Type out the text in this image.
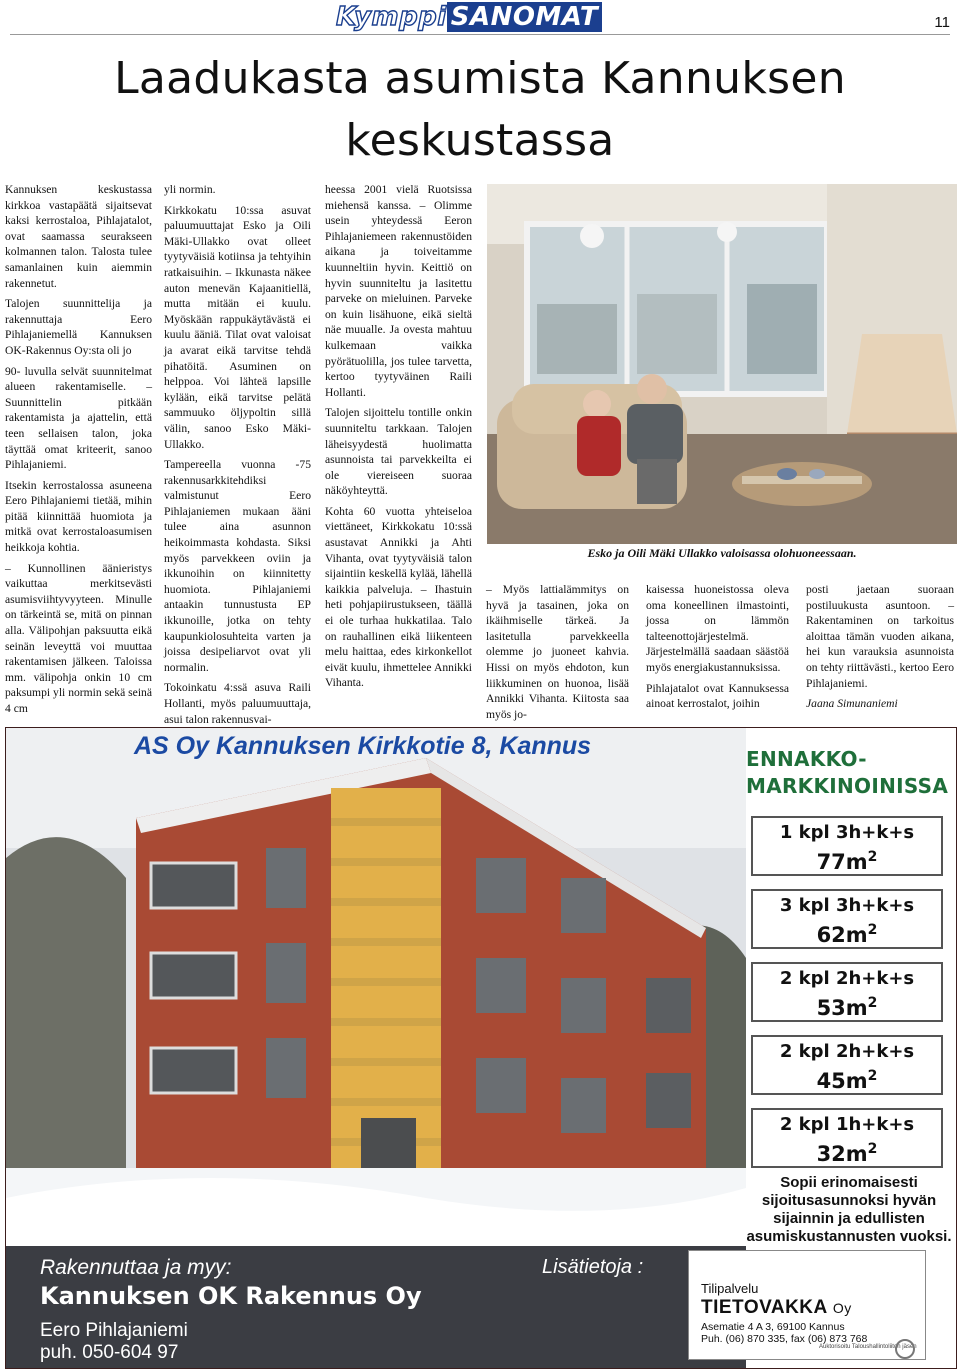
Kymppi SANOMAT	11
Laadukasta asumista Kannuksen keskustassa

Kannuksen keskustassa kirkkoa vastapäätä sijaitsevat kaksi kerrostaloa, Pihlajatalot, ovat saamassa seurakseen kolmannen talon. Talosta tulee samanlainen kuin aiemmin rakennetut.

Talojen suunnittelija ja rakennuttaja Eero Pihlajaniemellä Kannuksen OK-Rakennus Oy:sta oli jo

90- luvulla selvät suunnitelmat alueen rakentamiselle. – Suunnittelin pitkään rakentamista ja ajattelin, että teen sellaisen talon, joka täyttää omat kriteerit, sanoo Pihlajaniemi.

Itsekin kerrostalossa asuneena Eero Pihlajaniemi tietää, mihin pitää kiinnittää huomiota ja mitkä ovat kerrostaloasumisen heikkoja kohtia.

– Kunnollinen äänieristys vaikuttaa merkitsevästi asumisviihtyvyyteen. Minulle on tärkeintä se, mitä on pinnan alla. Välipohjan paksuutta eikä seinän leveyttä voi muuttaa rakentamisen jälkeen. Taloissa mm. välipohja onkin 10 cm paksumpi yli normin sekä seinä 4 cm

yli normin.

Kirkkokatu 10:ssa asuvat paluumuuttajat Esko ja Oili Mäki-Ullakko ovat olleet tyytyväisiä kotiinsa ja tehtyihin ratkaisuihin. – Ikkunasta näkee auton menevän Kajaanitiellä, mutta mitään ei kuulu. Myöskään rappukäytävästä ei kuulu ääniä. Tilat ovat valoisat ja avarat eikä tarvitse tehdä pihatöitä. Asuminen on helppoa. Voi lähteä lapsille kylään, eikä tarvitse pelätä sammuuko öljypoltin sillä välin, sanoo Esko Mäki-Ullakko.

Tampereella vuonna -75 rakennusarkkitehdiksi valmistunut Eero Pihlajaniemen mukaan ääni tulee aina asunnon heikoimmasta kohdasta. Siksi myös parvekkeen oviin ja ikkunoihin on kiinnitetty huomiota. Pihlajaniemi antaakin tunnustusta EP ikkunoille, jotka on tehty kaupunkiolosuhteita varten ja joissa desipeliarvot ovat yli normalin.

Tokoinkatu 4:ssä asuva Raili Hollanti, myös paluumuuttaja, asui talon rakennusvai-

heessa 2001 vielä Ruotsissa miehensä kanssa. – Olimme usein yhteydessä Eeron Pihlajaniemeen rakennustöiden aikana ja toiveitamme kuunneltiin hyvin. Keittiö on hyvin suunniteltu ja lasitettu parveke on mieluinen. Parveke on kuin lisähuone, eikä sieltä näe muualle. Ja ovesta mahtuu kulkemaan vaikka pyörätuolilla, jos tulee tarvetta, kertoo tyytyväinen Raili Hollanti.

Talojen sijoittelu tontille onkin suunniteltu tarkkaan. Talojen läheisyydestä huolimatta asunnoista tai parvekkeilta ei ole viereiseen suoraa näköyhteyttä.

Kohta 60 vuotta yhteiseloa viettäneet, Kirkkokatu 10:ssä asustavat Annikki ja Ahti Vihanta, ovat tyytyväisiä talon sijaintiin keskellä kylää, lähellä kaikkia palveluja. – Ihastuin heti pohjapiirustukseen, täällä ei ole turhaa hukkatilaa. Talo on rauhallinen eikä liikenteen melu haittaa, edes kirkonkellot eivät kuulu, ihmettelee Annikki Vihanta.

Esko ja Oili Mäki Ullakko valoisassa olohuoneessaan.

– Myös lattialämmitys on hyvä ja tasainen, joka on ikäihmiselle tärkeä. Ja lasitetulla parvekkeella olemme jo juoneet kahvia. Hissi on myös ehdoton, kun liikkuminen on huonoa, lisää Annikki Vihanta. Kiitosta saa myös jo-

kaisessa huoneistossa oleva oma koneellinen ilmastointi, jossa on lämmön talteenottojärjestelmä. Järjestelmällä saadaan säästöä myös energiakustannuksissa.

Pihlajatalot ovat Kannuksessa ainoat kerrostalot, joihin

posti jaetaan suoraan postiluukusta asuntoon. – Rakentaminen on tarkoitus aloittaa tämän vuoden aikana, hei kun varauksia asunnoista on tehty riittävästi., kertoo Eero Pihlajaniemi.

Jaana Simunaniemi

AS Oy Kannuksen Kirkkotie 8, Kannus	ENNAKKO-
MARKKINOINISSA
1 kpl 3h+k+s
$77m^2$
3 kpl 3h+k+s
$62m^2$
2 kpl 2h+k+s
$53m^2$
2 kpl 2h+k+s
$45m^2$
2 kpl 1h+k+s
$32m^2$
Sopii erinomaisesti sijoitusasunnoksi hyvän sijainnin ja edullisten asumiskustannusten vuoksi.
Rakennuttaa ja myy:
Kannuksen OK Rakennus Oy
Eero Pihlajaniemi
puh. 050-604 97
Lisätietoja :
Tilipalvelu
TIETOVAKKA Oy
Asematie 4 A 3, 69100 Kannus
Puh. (06) 870 335, fax (06) 873 768
Auktorisoitu Taloushallintoliiton jäsen
